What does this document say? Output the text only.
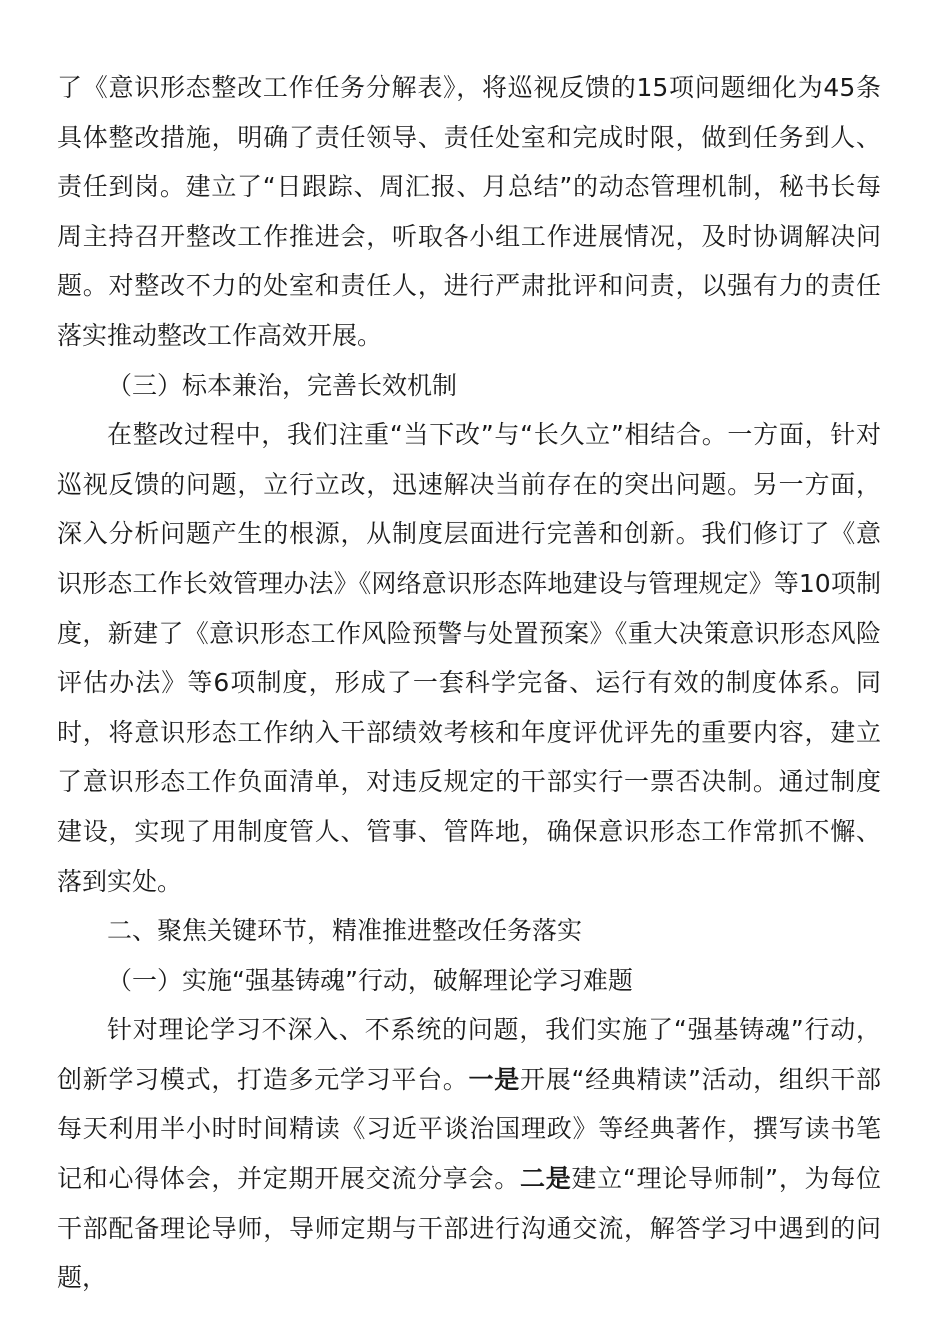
了《意识形态整改工作任务分解表》，将巡视反馈的15项问题细化为45条具体整改措施，明确了责任领导、责任处室和完成时限，做到任务到人、责任到岗。建立了“日跟踪、周汇报、月总结”的动态管理机制，秘书长每周主持召开整改工作推进会，听取各小组工作进展情况，及时协调解决问题。对整改不力的处室和责任人，进行严肃批评和问责，以强有力的责任落实推动整改工作高效开展。

（三）标本兼治，完善长效机制

在整改过程中，我们注重“当下改”与“长久立”相结合。一方面，针对巡视反馈的问题，立行立改，迅速解决当前存在的突出问题。另一方面，深入分析问题产生的根源，从制度层面进行完善和创新。我们修订了《意识形态工作长效管理办法》《网络意识形态阵地建设与管理规定》等10项制度，新建了《意识形态工作风险预警与处置预案》《重大决策意识形态风险评估办法》等6项制度，形成了一套科学完备、运行有效的制度体系。同时，将意识形态工作纳入干部绩效考核和年度评优评先的重要内容，建立了意识形态工作负面清单，对违反规定的干部实行一票否决制。通过制度建设，实现了用制度管人、管事、管阵地，确保意识形态工作常抓不懈、落到实处。

二、聚焦关键环节，精准推进整改任务落实

（一）实施“强基铸魂”行动，破解理论学习难题

针对理论学习不深入、不系统的问题，我们实施了“强基铸魂”行动，创新学习模式，打造多元学习平台。一是开展“经典精读”活动，组织干部每天利用半小时时间精读《习近平谈治国理政》等经典著作，撰写读书笔记和心得体会，并定期开展交流分享会。二是建立“理论导师制”，为每位干部配备理论导师，导师定期与干部进行沟通交流，解答学习中遇到的问题，
